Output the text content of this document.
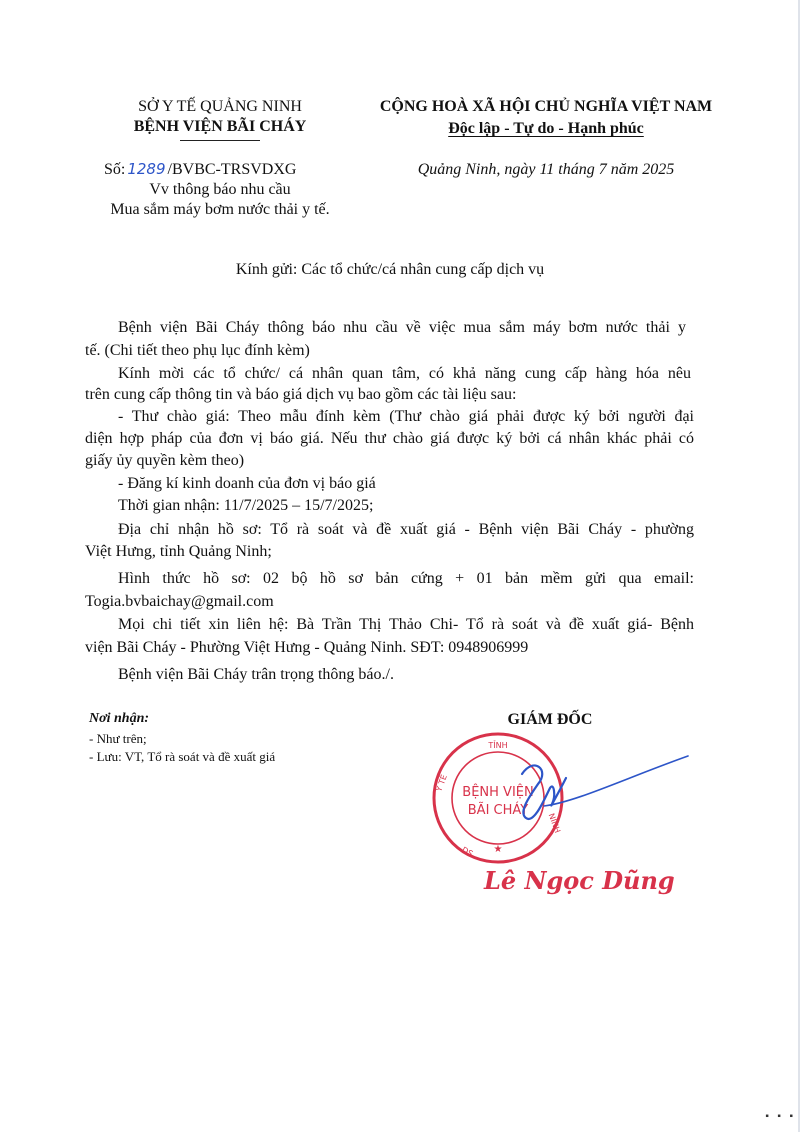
SỞ Y TẾ QUẢNG NINH
BỆNH VIỆN BÃI CHÁY
Số: 1289 /BVBC-TRSVDXG
Vv thông báo nhu cầu
Mua sắm máy bơm nước thải y tế.
CỘNG HOÀ XÃ HỘI CHỦ NGHĨA VIỆT NAM
Độc lập - Tự do - Hạnh phúc
Quảng Ninh, ngày 11 tháng 7 năm 2025
Kính gửi: Các tổ chức/cá nhân cung cấp dịch vụ
Bệnh viện Bãi Cháy thông báo nhu cầu về việc mua sắm máy bơm nước thải y
tế. (Chi tiết theo phụ lục đính kèm)
Kính mời các tổ chức/ cá nhân quan tâm, có khả năng cung cấp hàng hóa nêu
trên cung cấp thông tin và báo giá dịch vụ bao gồm các tài liệu sau:
- Thư chào giá: Theo mẫu đính kèm (Thư chào giá phải được ký bởi người đại
diện hợp pháp của đơn vị báo giá. Nếu thư chào giá được ký bởi cá nhân khác phải có
giấy ủy quyền kèm theo)
- Đăng kí kinh doanh của đơn vị báo giá
Thời gian nhận: 11/7/2025 – 15/7/2025;
Địa chỉ nhận hồ sơ: Tổ rà soát và đề xuất giá - Bệnh viện Bãi Cháy - phường
Việt Hưng, tỉnh Quảng Ninh;
Hình thức hồ sơ: 02 bộ hồ sơ bản cứng + 01 bản mềm gửi qua email:
Togia.bvbaichay@gmail.com
Mọi chi tiết xin liên hệ: Bà Trần Thị Thảo Chi- Tổ rà soát và đề xuất giá- Bệnh
viện Bãi Cháy - Phường Việt Hưng - Quảng Ninh. SĐT: 0948906999
Bệnh viện Bãi Cháy trân trọng thông báo./.
Nơi nhận:
- Như trên;
- Lưu: VT, Tổ rà soát và đề xuất giá
GIÁM ĐỐC
TỈNH
Y TẾ
NINH
DS ★
BỆNH VIỆN
BÃI CHÁY
Lê Ngọc Dũng
▪ ▪ ▪
